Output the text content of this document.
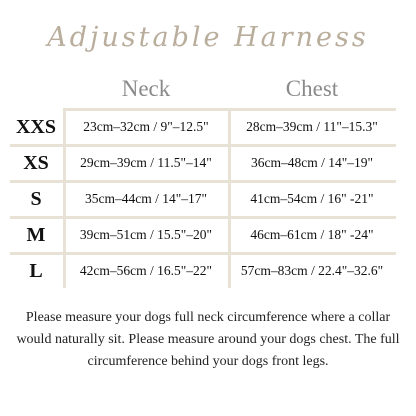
Adjustable Harness
Neck	Chest
XXS	23cm–32cm / 9"–12.5"	28cm–39cm / 11"–15.3"
XS	29cm–39cm / 11.5"–14"	36cm–48cm / 14"–19"
S	35cm–44cm / 14"–17"	41cm–54cm / 16" -21"
M	39cm–51cm / 15.5"–20"	46cm–61cm / 18" -24"
L	42cm–56cm / 16.5"–22"	57cm–83cm / 22.4"–32.6"
Please measure your dogs full neck circumference where a collar would naturally sit. Please measure around your dogs chest. The full circumference behind your dogs front legs.
